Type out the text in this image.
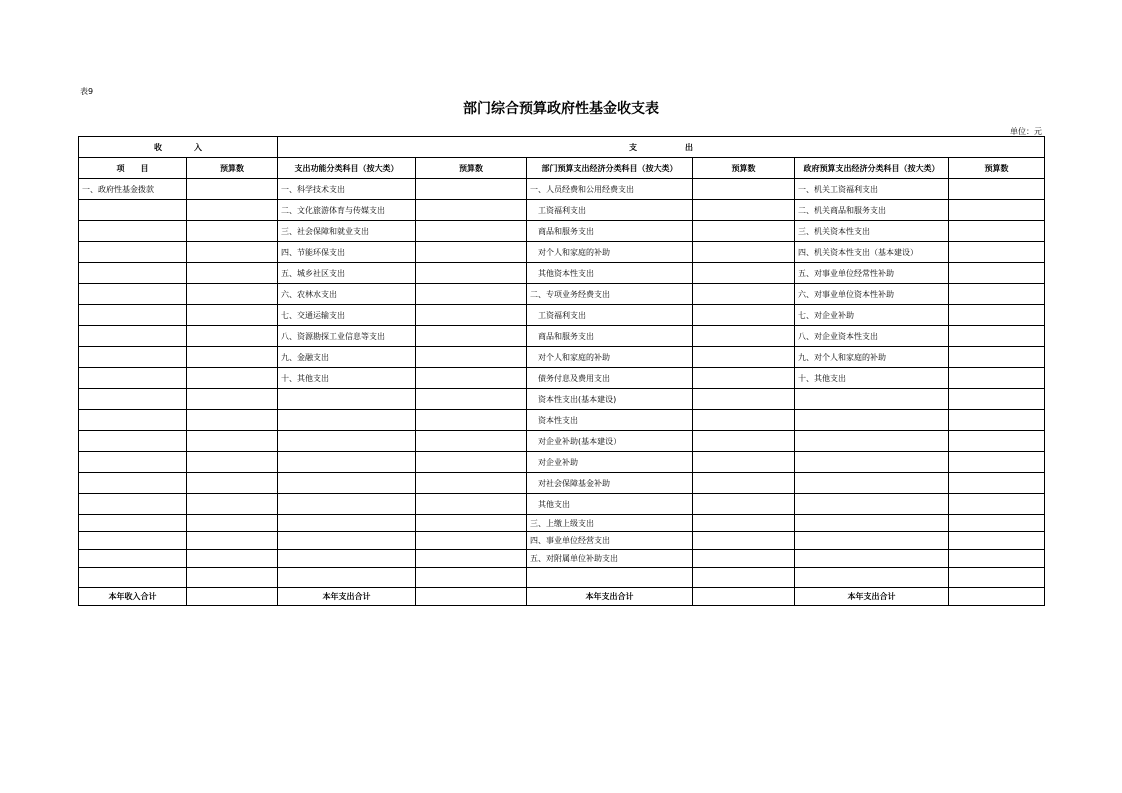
表9
部门综合预算政府性基金收支表
单位：元
收　　　　入		支　　　　　　出					
项　　目	预算数	支出功能分类科目（按大类）	预算数	部门预算支出经济分类科目（按大类）	预算数	政府预算支出经济分类科目（按大类）	预算数
一、政府性基金拨款		一、科学技术支出		一、人员经费和公用经费支出		一、机关工资福利支出	
		二、文化旅游体育与传媒支出		　工资福利支出		二、机关商品和服务支出	
		三、社会保障和就业支出		　商品和服务支出		三、机关资本性支出	
		四、节能环保支出		　对个人和家庭的补助		四、机关资本性支出（基本建设）	
		五、城乡社区支出		　其他资本性支出		五、对事业单位经常性补助	
		六、农林水支出		二、专项业务经费支出		六、对事业单位资本性补助	
		七、交通运输支出		　工资福利支出		七、对企业补助	
		八、资源勘探工业信息等支出		　商品和服务支出		八、对企业资本性支出	
		九、金融支出		　对个人和家庭的补助		九、对个人和家庭的补助	
		十、其他支出		　债务付息及费用支出		十、其他支出	
				　资本性支出(基本建设)			
				　资本性支出			
				　对企业补助(基本建设）			
				　对企业补助			
				　对社会保障基金补助			
				　其他支出			
				三、上缴上级支出			
				四、事业单位经营支出			
				五、对附属单位补助支出			

本年收入合计		本年支出合计		本年支出合计		本年支出合计	
